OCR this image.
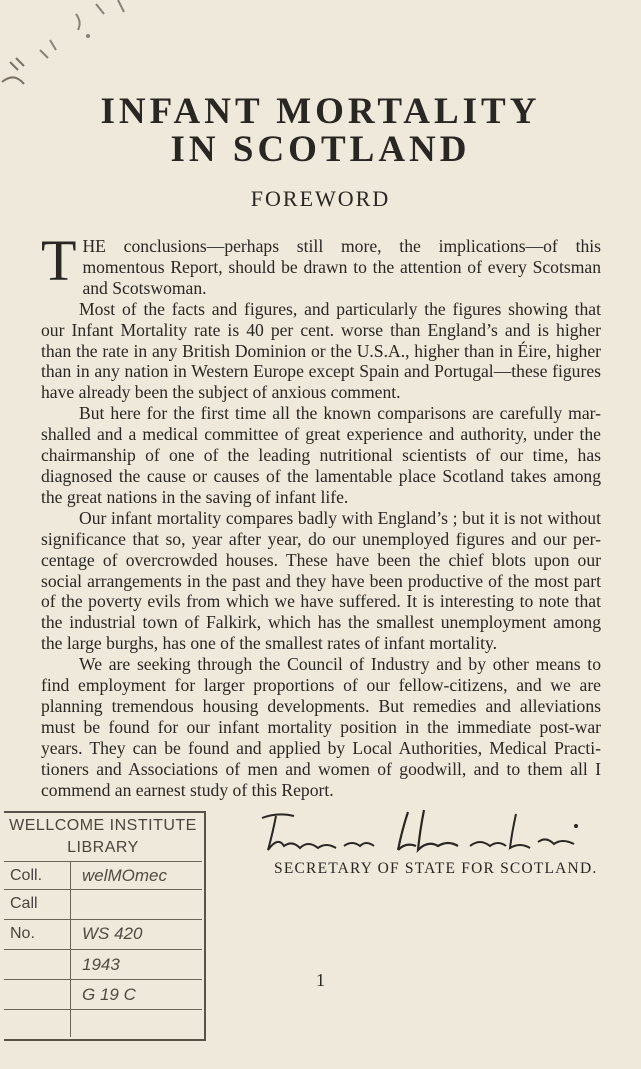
INFANT MORTALITY
IN SCOTLAND
FOREWORD

THE conclusions—perhaps still more, the implications—of this momentous Report, should be drawn to the attention of every Scotsman and Scotswoman.

Most of the facts and figures, and particularly the figures showing that our Infant Mortality rate is 40 per cent. worse than England’s and is higher than the rate in any British Dominion or the U.S.A., higher than in Éire, higher than in any nation in Western Europe except Spain and Portugal—these figures have already been the subject of anxious comment.

But here for the first time all the known comparisons are carefully mar-shalled and a medical committee of great experience and authority, under the chairmanship of one of the leading nutritional scientists of our time, has diagnosed the cause or causes of the lamentable place Scotland takes among the great nations in the saving of infant life.

Our infant mortality compares badly with England’s ; but it is not without significance that so, year after year, do our unemployed figures and our per-centage of overcrowded houses. These have been the chief blots upon our social arrangements in the past and they have been productive of the most part of the poverty evils from which we have suffered. It is interesting to note that the industrial town of Falkirk, which has the smallest unemployment among the large burghs, has one of the smallest rates of infant mortality.

We are seeking through the Council of Industry and by other means to find employment for larger proportions of our fellow-citizens, and we are planning tremendous housing developments. But remedies and alleviations must be found for our infant mortality position in the immediate post-war years. They can be found and applied by Local Authorities, Medical Practi-tioners and Associations of men and women of goodwill, and to them all I commend an earnest study of this Report.

WELLCOME INSTITUTE
LIBRARY
Coll. welMOmec
Call
No.	WS 420
1943
G 19 C
SECRETARY OF STATE FOR SCOTLAND.
1
